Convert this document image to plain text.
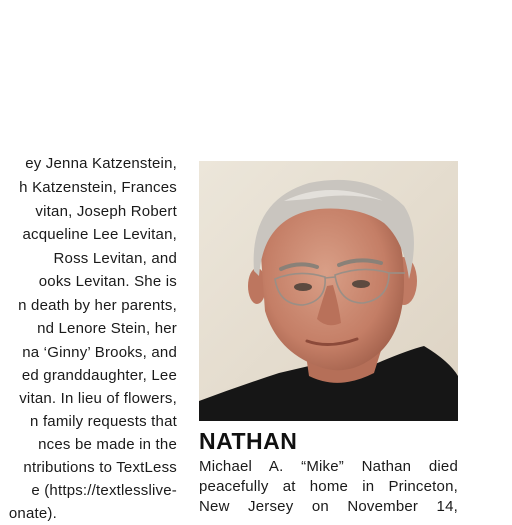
ey Jenna Katzenstein,
h Katzenstein, Frances
vitan, Joseph Robert
acqueline Lee Levitan,
Ross Levitan, and
ooks Levitan. She is
n death by her parents,
nd Lenore Stein, her
na ‘Ginny’ Brooks, and
ed granddaughter, Lee
vitan. In lieu of flowers,
n family requests that
nces be made in the
ntributions to TextLess
e (https://textlesslive-
onate).
NATHAN
Michael A. “Mike” Nathan died
peacefully at home in Princeton,
New Jersey on November 14,
